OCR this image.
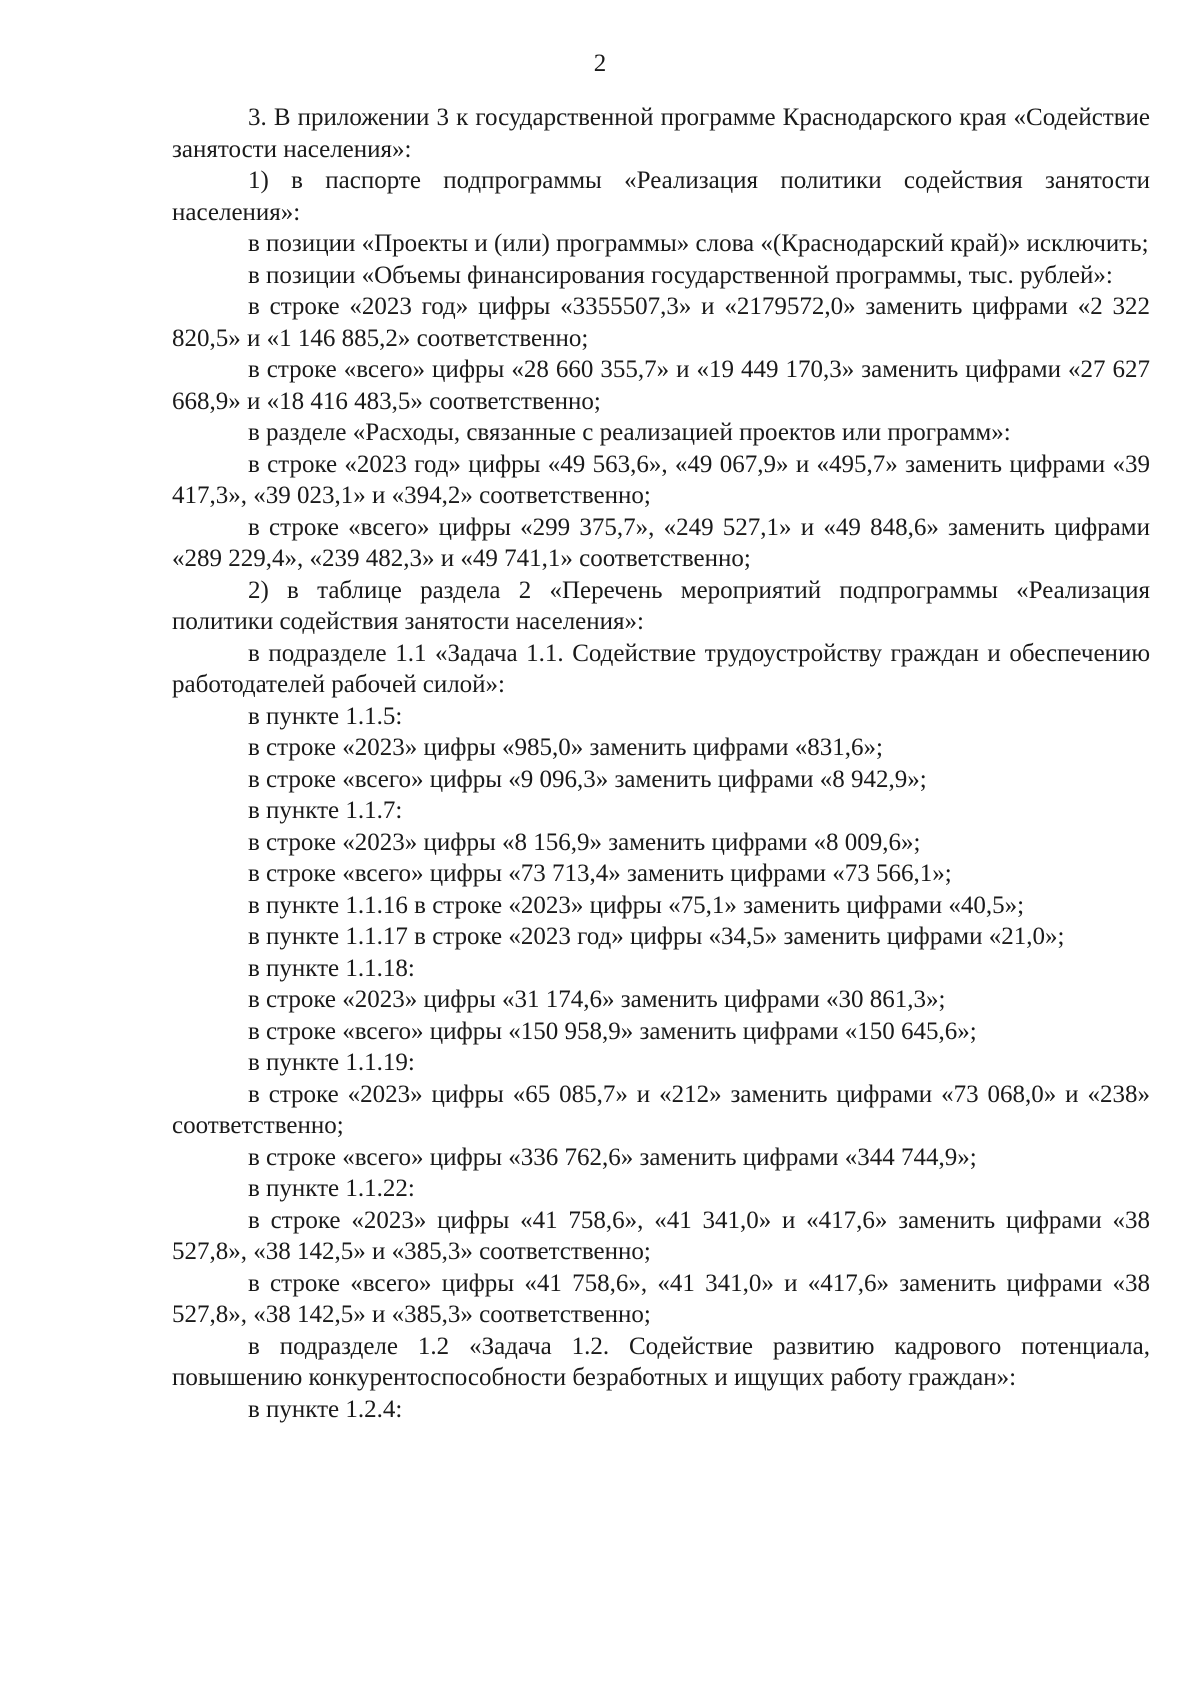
2

3. В приложении 3 к государственной программе Краснодарского края «Содействие занятости населения»:

1) в паспорте подпрограммы «Реализация политики содействия занятости населения»:

в позиции «Проекты и (или) программы» слова «(Краснодарский край)» исключить;

в позиции «Объемы финансирования государственной программы, тыс. рублей»:

в строке «2023 год» цифры «3355507,3» и «2179572,0» заменить цифрами «2 322 820,5» и «1 146 885,2» соответственно;

в строке «всего» цифры «28 660 355,7» и «19 449 170,3» заменить цифрами «27 627 668,9» и «18 416 483,5» соответственно;

в разделе «Расходы, связанные с реализацией проектов или программ»:

в строке «2023 год» цифры «49 563,6», «49 067,9» и «495,7» заменить цифрами «39 417,3», «39 023,1» и «394,2» соответственно;

в строке «всего» цифры «299 375,7», «249 527,1» и «49 848,6» заменить цифрами «289 229,4», «239 482,3» и «49 741,1» соответственно;

2) в таблице раздела 2 «Перечень мероприятий подпрограммы «Реализация политики содействия занятости населения»:

в подразделе 1.1 «Задача 1.1. Содействие трудоустройству граждан и обеспечению работодателей рабочей силой»:

в пункте 1.1.5:

в строке «2023» цифры «985,0» заменить цифрами «831,6»;

в строке «всего» цифры «9 096,3» заменить цифрами «8 942,9»;

в пункте 1.1.7:

в строке «2023» цифры «8 156,9» заменить цифрами «8 009,6»;

в строке «всего» цифры «73 713,4» заменить цифрами «73 566,1»;

в пункте 1.1.16 в строке «2023» цифры «75,1» заменить цифрами «40,5»;

в пункте 1.1.17 в строке «2023 год» цифры «34,5» заменить цифрами «21,0»;

в пункте 1.1.18:

в строке «2023» цифры «31 174,6» заменить цифрами «30 861,3»;

в строке «всего» цифры «150 958,9» заменить цифрами «150 645,6»;

в пункте 1.1.19:

в строке «2023» цифры «65 085,7» и «212» заменить цифрами «73 068,0» и «238» соответственно;

в строке «всего» цифры «336 762,6» заменить цифрами «344 744,9»;

в пункте 1.1.22:

в строке «2023» цифры «41 758,6», «41 341,0» и «417,6» заменить цифрами «38 527,8», «38 142,5» и «385,3» соответственно;

в строке «всего» цифры «41 758,6», «41 341,0» и «417,6» заменить цифрами «38 527,8», «38 142,5» и «385,3» соответственно;

в подразделе 1.2 «Задача 1.2. Содействие развитию кадрового потенциала, повышению конкурентоспособности безработных и ищущих работу граждан»:

в пункте 1.2.4:
